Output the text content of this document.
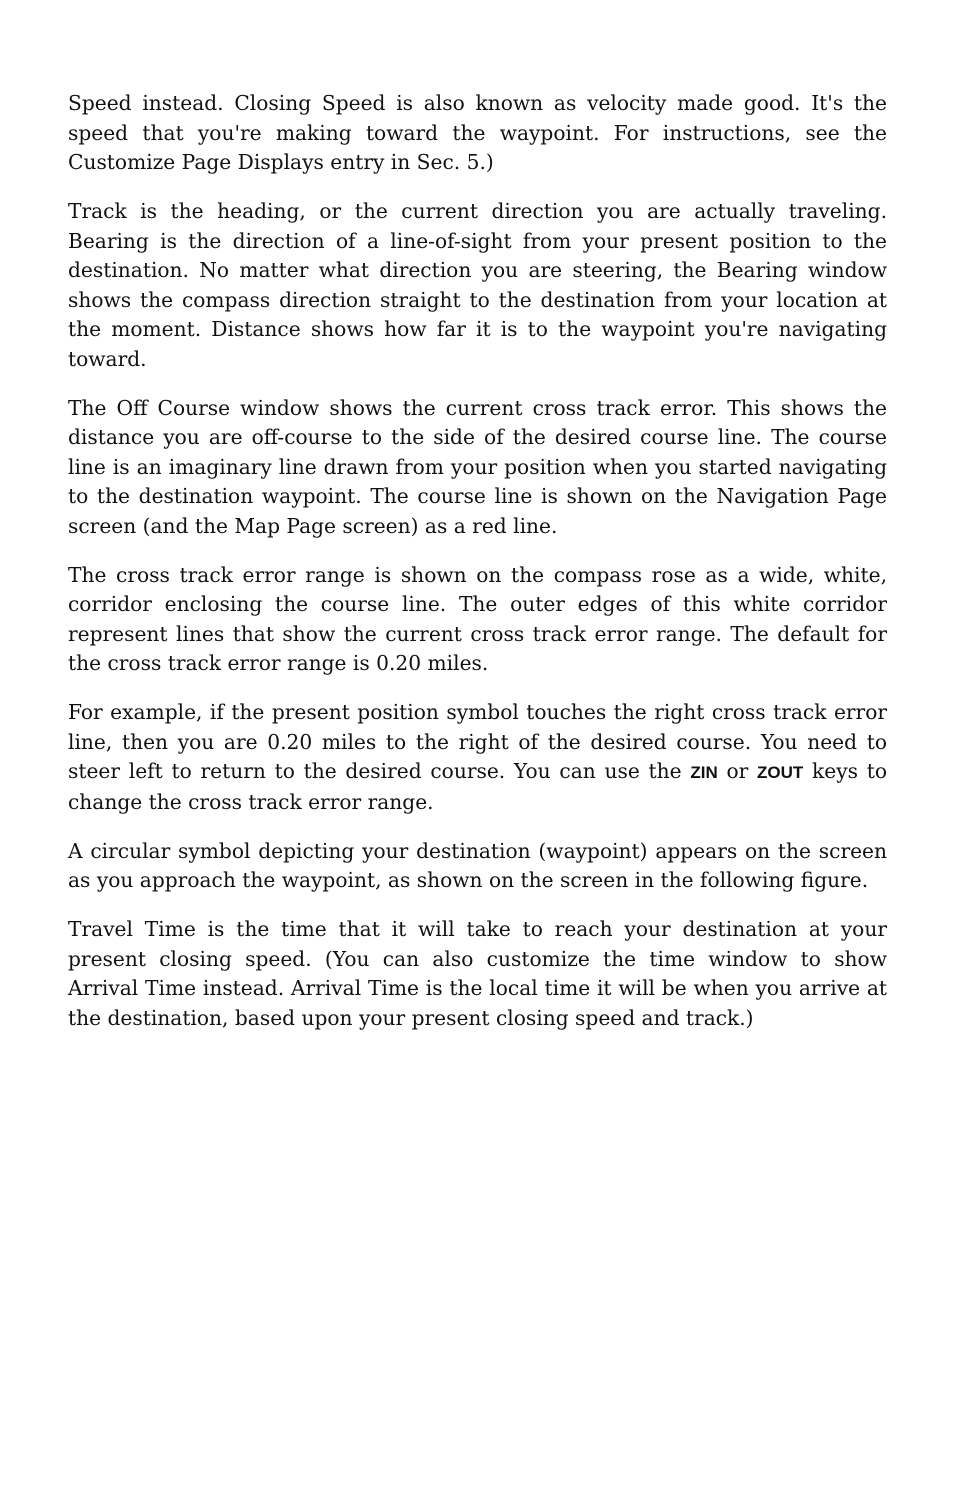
Speed instead. Closing Speed is also known as velocity made good. It's the speed that you're making toward the waypoint. For instructions, see the Customize Page Displays entry in Sec. 5.)

Track is the heading, or the current direction you are actually traveling. Bearing is the direction of a line-of-sight from your present position to the destination. No matter what direction you are steering, the Bearing window shows the compass direction straight to the destination from your location at the moment. Distance shows how far it is to the waypoint you're navigating toward.

The Off Course window shows the current cross track error. This shows the distance you are off-course to the side of the desired course line. The course line is an imaginary line drawn from your position when you started navigating to the destination waypoint. The course line is shown on the Navigation Page screen (and the Map Page screen) as a red line.

The cross track error range is shown on the compass rose as a wide, white, corridor enclosing the course line. The outer edges of this white corridor represent lines that show the current cross track error range. The default for the cross track error range is 0.20 miles.

For example, if the present position symbol touches the right cross track error line, then you are 0.20 miles to the right of the desired course. You need to steer left to return to the desired course. You can use the ZIN or ZOUT keys to change the cross track error range.

A circular symbol depicting your destination (waypoint) appears on the screen as you approach the waypoint, as shown on the screen in the following figure.

Travel Time is the time that it will take to reach your destination at your present closing speed. (You can also customize the time window to show Arrival Time instead. Arrival Time is the local time it will be when you arrive at the destination, based upon your present closing speed and track.)
